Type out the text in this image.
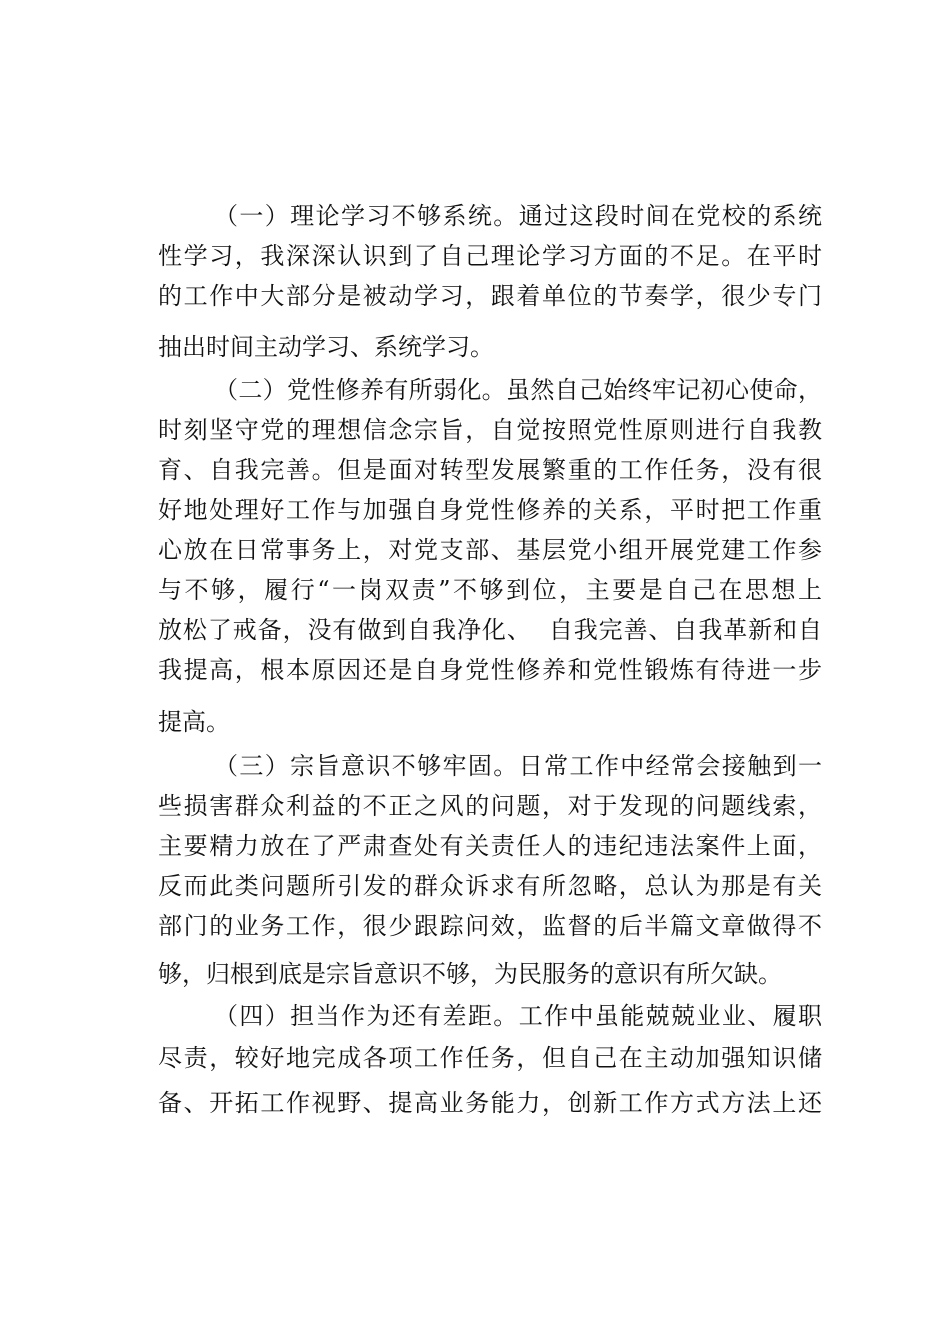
（一）理论学习不够系统。通过这段时间在党校的系统
性学习，我深深认识到了自己理论学习方面的不足。在平时
的工作中大部分是被动学习，跟着单位的节奏学，很少专门
抽出时间主动学习、系统学习。
（二）党性修养有所弱化。虽然自己始终牢记初心使命，
时刻坚守党的理想信念宗旨，自觉按照党性原则进行自我教
育、自我完善。但是面对转型发展繁重的工作任务，没有很
好地处理好工作与加强自身党性修养的关系，平时把工作重
心放在日常事务上，对党支部、基层党小组开展党建工作参
与不够，履行“一岗双责”不够到位，主要是自己在思想上
放松了戒备，没有做到自我净化、  自我完善、自我革新和自
我提高，根本原因还是自身党性修养和党性锻炼有待进一步
提高。
（三）宗旨意识不够牢固。日常工作中经常会接触到一
些损害群众利益的不正之风的问题，对于发现的问题线索，
主要精力放在了严肃查处有关责任人的违纪违法案件上面，
反而此类问题所引发的群众诉求有所忽略，总认为那是有关
部门的业务工作，很少跟踪问效，监督的后半篇文章做得不
够，归根到底是宗旨意识不够，为民服务的意识有所欠缺。
（四）担当作为还有差距。工作中虽能兢兢业业、履职
尽责，较好地完成各项工作任务，但自己在主动加强知识储
备、开拓工作视野、提高业务能力，创新工作方式方法上还
